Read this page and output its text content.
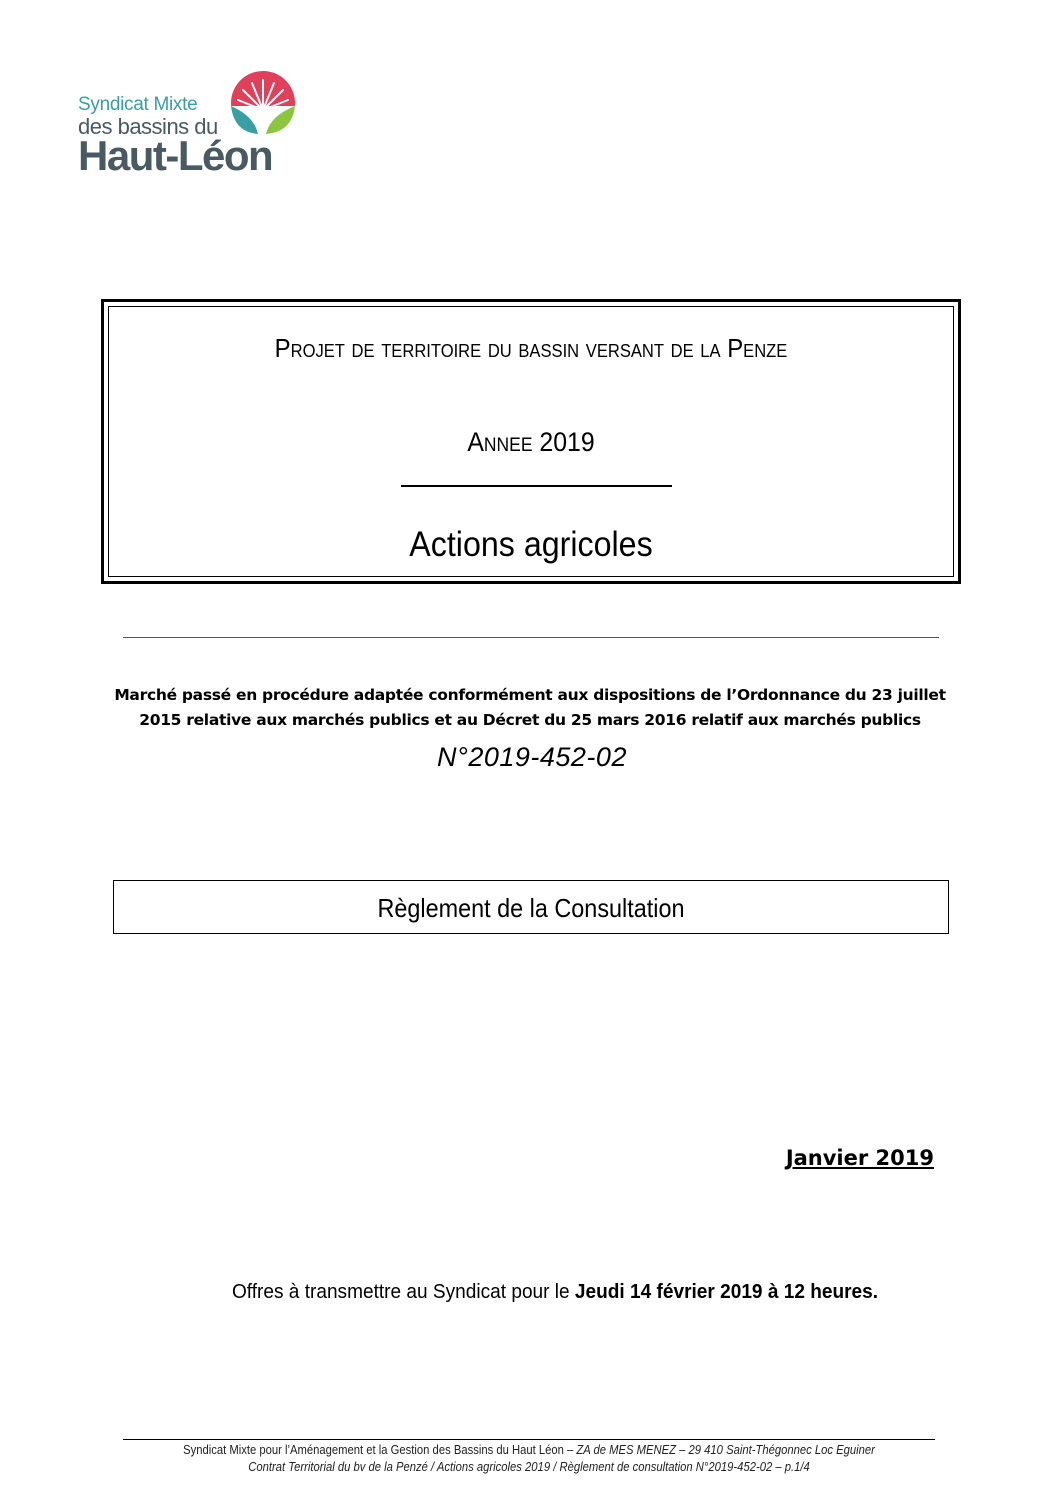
Syndicat Mixte
des bassins du
Haut-Léon
Projet de territoire du bassin versant de la Penze
Annee 2019
Actions agricoles
Marché passé en procédure adaptée conformément aux dispositions de l’Ordonnance du 23 juillet
2015 relative aux marchés publics et au Décret du 25 mars 2016 relatif aux marchés publics
N°2019-452-02
Règlement de la Consultation
Janvier 2019
Offres à transmettre au Syndicat pour le Jeudi 14 février 2019 à 12 heures.
Syndicat Mixte pour l’Aménagement et la Gestion des Bassins du Haut Léon – ZA de MES MENEZ – 29 410 Saint-Thégonnec Loc Eguiner
Contrat Territorial du bv de la Penzé / Actions agricoles 2019 / Règlement de consultation N°2019-452-02 – p.1/4
